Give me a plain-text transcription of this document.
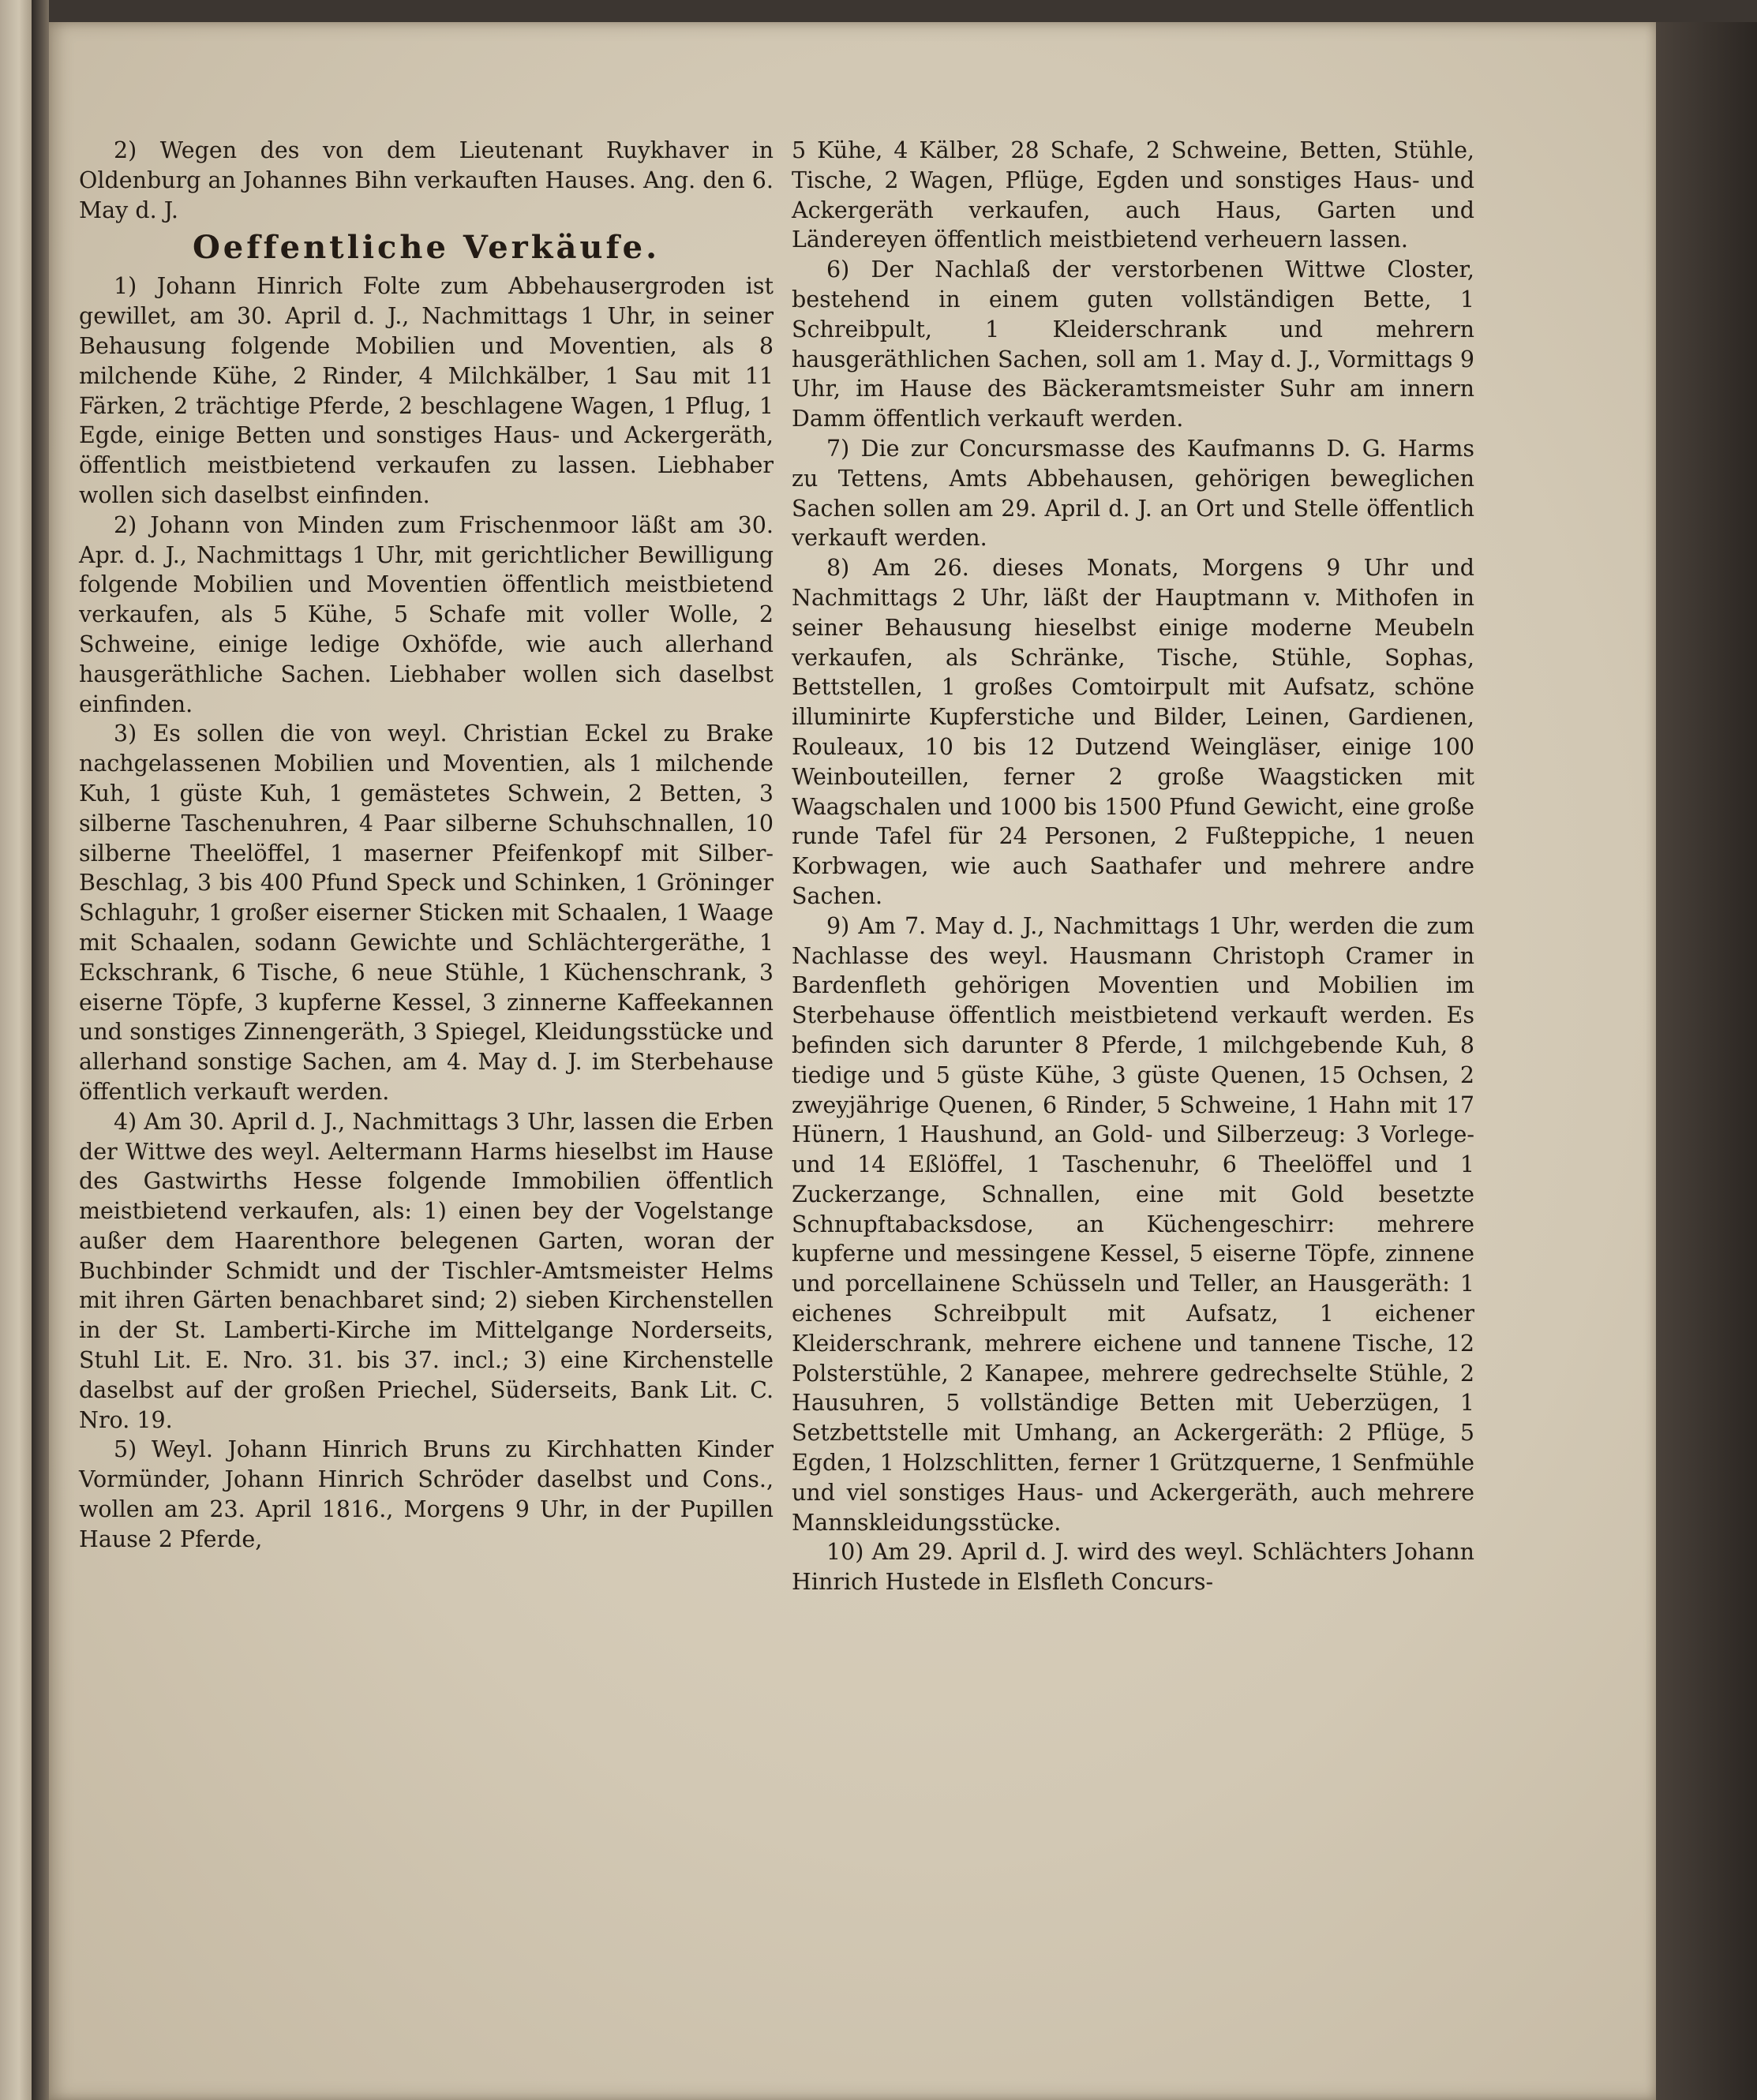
2) Wegen des von dem Lieutenant Ruykhaver in Oldenburg an Johannes Bihn verkauften Hauses. Ang. den 6. May d. J.

Oeffentliche Verkäufe.

1) Johann Hinrich Folte zum Abbehausergroden ist gewillet, am 30. April d. J., Nachmittags 1 Uhr, in seiner Behausung folgende Mobilien und Moventien, als 8 milchende Kühe, 2 Rinder, 4 Milchkälber, 1 Sau mit 11 Färken, 2 trächtige Pferde, 2 beschlagene Wagen, 1 Pflug, 1 Egde, einige Betten und sonstiges Haus- und Ackergeräth, öffentlich meistbietend verkaufen zu lassen. Liebhaber wollen sich daselbst einfinden.

2) Johann von Minden zum Frischenmoor läßt am 30. Apr. d. J., Nachmittags 1 Uhr, mit gerichtlicher Bewilligung folgende Mobilien und Moventien öffentlich meistbietend verkaufen, als 5 Kühe, 5 Schafe mit voller Wolle, 2 Schweine, einige ledige Oxhöfde, wie auch allerhand hausgeräthliche Sachen. Liebhaber wollen sich daselbst einfinden.

3) Es sollen die von weyl. Christian Eckel zu Brake nachgelassenen Mobilien und Moventien, als 1 milchende Kuh, 1 güste Kuh, 1 gemästetes Schwein, 2 Betten, 3 silberne Taschenuhren, 4 Paar silberne Schuhschnallen, 10 silberne Theelöffel, 1 maserner Pfeifenkopf mit Silber-Beschlag, 3 bis 400 Pfund Speck und Schinken, 1 Gröninger Schlaguhr, 1 großer eiserner Sticken mit Schaalen, 1 Waage mit Schaalen, sodann Gewichte und Schlächtergeräthe, 1 Eckschrank, 6 Tische, 6 neue Stühle, 1 Küchenschrank, 3 eiserne Töpfe, 3 kupferne Kessel, 3 zinnerne Kaffeekannen und sonstiges Zinnengeräth, 3 Spiegel, Kleidungsstücke und allerhand sonstige Sachen, am 4. May d. J. im Sterbehause öffentlich verkauft werden.

4) Am 30. April d. J., Nachmittags 3 Uhr, lassen die Erben der Wittwe des weyl. Aeltermann Harms hieselbst im Hause des Gastwirths Hesse folgende Immobilien öffentlich meistbietend verkaufen, als: 1) einen bey der Vogelstange außer dem Haarenthore belegenen Garten, woran der Buchbinder Schmidt und der Tischler-Amtsmeister Helms mit ihren Gärten benachbaret sind; 2) sieben Kirchenstellen in der St. Lamberti-Kirche im Mittelgange Norderseits, Stuhl Lit. E. Nro. 31. bis 37. incl.; 3) eine Kirchenstelle daselbst auf der großen Priechel, Süderseits, Bank Lit. C. Nro. 19.

5) Weyl. Johann Hinrich Bruns zu Kirchhatten Kinder Vormünder, Johann Hinrich Schröder daselbst und Cons., wollen am 23. April 1816., Morgens 9 Uhr, in der Pupillen Hause 2 Pferde,

5 Kühe, 4 Kälber, 28 Schafe, 2 Schweine, Betten, Stühle, Tische, 2 Wagen, Pflüge, Egden und sonstiges Haus- und Ackergeräth verkaufen, auch Haus, Garten und Ländereyen öffentlich meistbietend verheuern lassen.

6) Der Nachlaß der verstorbenen Wittwe Closter, bestehend in einem guten vollständigen Bette, 1 Schreibpult, 1 Kleiderschrank und mehrern hausgeräthlichen Sachen, soll am 1. May d. J., Vormittags 9 Uhr, im Hause des Bäckeramtsmeister Suhr am innern Damm öffentlich verkauft werden.

7) Die zur Concursmasse des Kaufmanns D. G. Harms zu Tettens, Amts Abbehausen, gehörigen beweglichen Sachen sollen am 29. April d. J. an Ort und Stelle öffentlich verkauft werden.

8) Am 26. dieses Monats, Morgens 9 Uhr und Nachmittags 2 Uhr, läßt der Hauptmann v. Mithofen in seiner Behausung hieselbst einige moderne Meubeln verkaufen, als Schränke, Tische, Stühle, Sophas, Bettstellen, 1 großes Comtoirpult mit Aufsatz, schöne illuminirte Kupferstiche und Bilder, Leinen, Gardienen, Rouleaux, 10 bis 12 Dutzend Weingläser, einige 100 Weinbouteillen, ferner 2 große Waagsticken mit Waagschalen und 1000 bis 1500 Pfund Gewicht, eine große runde Tafel für 24 Personen, 2 Fußteppiche, 1 neuen Korbwagen, wie auch Saathafer und mehrere andre Sachen.

9) Am 7. May d. J., Nachmittags 1 Uhr, werden die zum Nachlasse des weyl. Hausmann Christoph Cramer in Bardenfleth gehörigen Moventien und Mobilien im Sterbehause öffentlich meistbietend verkauft werden. Es befinden sich darunter 8 Pferde, 1 milchgebende Kuh, 8 tiedige und 5 güste Kühe, 3 güste Quenen, 15 Ochsen, 2 zweyjährige Quenen, 6 Rinder, 5 Schweine, 1 Hahn mit 17 Hünern, 1 Haushund, an Gold- und Silberzeug: 3 Vorlege- und 14 Eßlöffel, 1 Taschenuhr, 6 Theelöffel und 1 Zuckerzange, Schnallen, eine mit Gold besetzte Schnupftabacksdose, an Küchengeschirr: mehrere kupferne und messingene Kessel, 5 eiserne Töpfe, zinnene und porcellainene Schüsseln und Teller, an Hausgeräth: 1 eichenes Schreibpult mit Aufsatz, 1 eichener Kleiderschrank, mehrere eichene und tannene Tische, 12 Polsterstühle, 2 Kanapee, mehrere gedrechselte Stühle, 2 Hausuhren, 5 vollständige Betten mit Ueberzügen, 1 Setzbettstelle mit Umhang, an Ackergeräth: 2 Pflüge, 5 Egden, 1 Holzschlitten, ferner 1 Grützquerne, 1 Senfmühle und viel sonstiges Haus- und Ackergeräth, auch mehrere Mannskleidungsstücke.

10) Am 29. April d. J. wird des weyl. Schlächters Johann Hinrich Hustede in Elsfleth Concurs-
